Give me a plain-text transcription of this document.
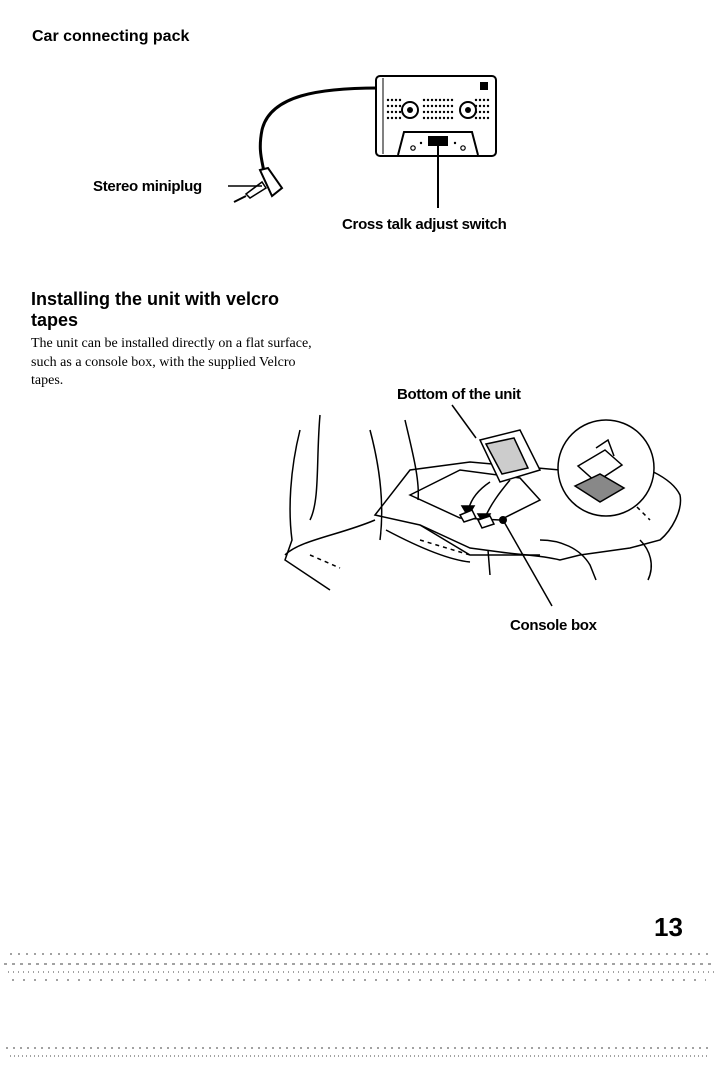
Car connecting pack
Stereo miniplug
Cross talk adjust switch
Installing the unit with velcro tapes
The unit can be installed directly on a flat surface, such as a console box, with the supplied Velcro tapes.
Bottom of the unit
Console box
13
